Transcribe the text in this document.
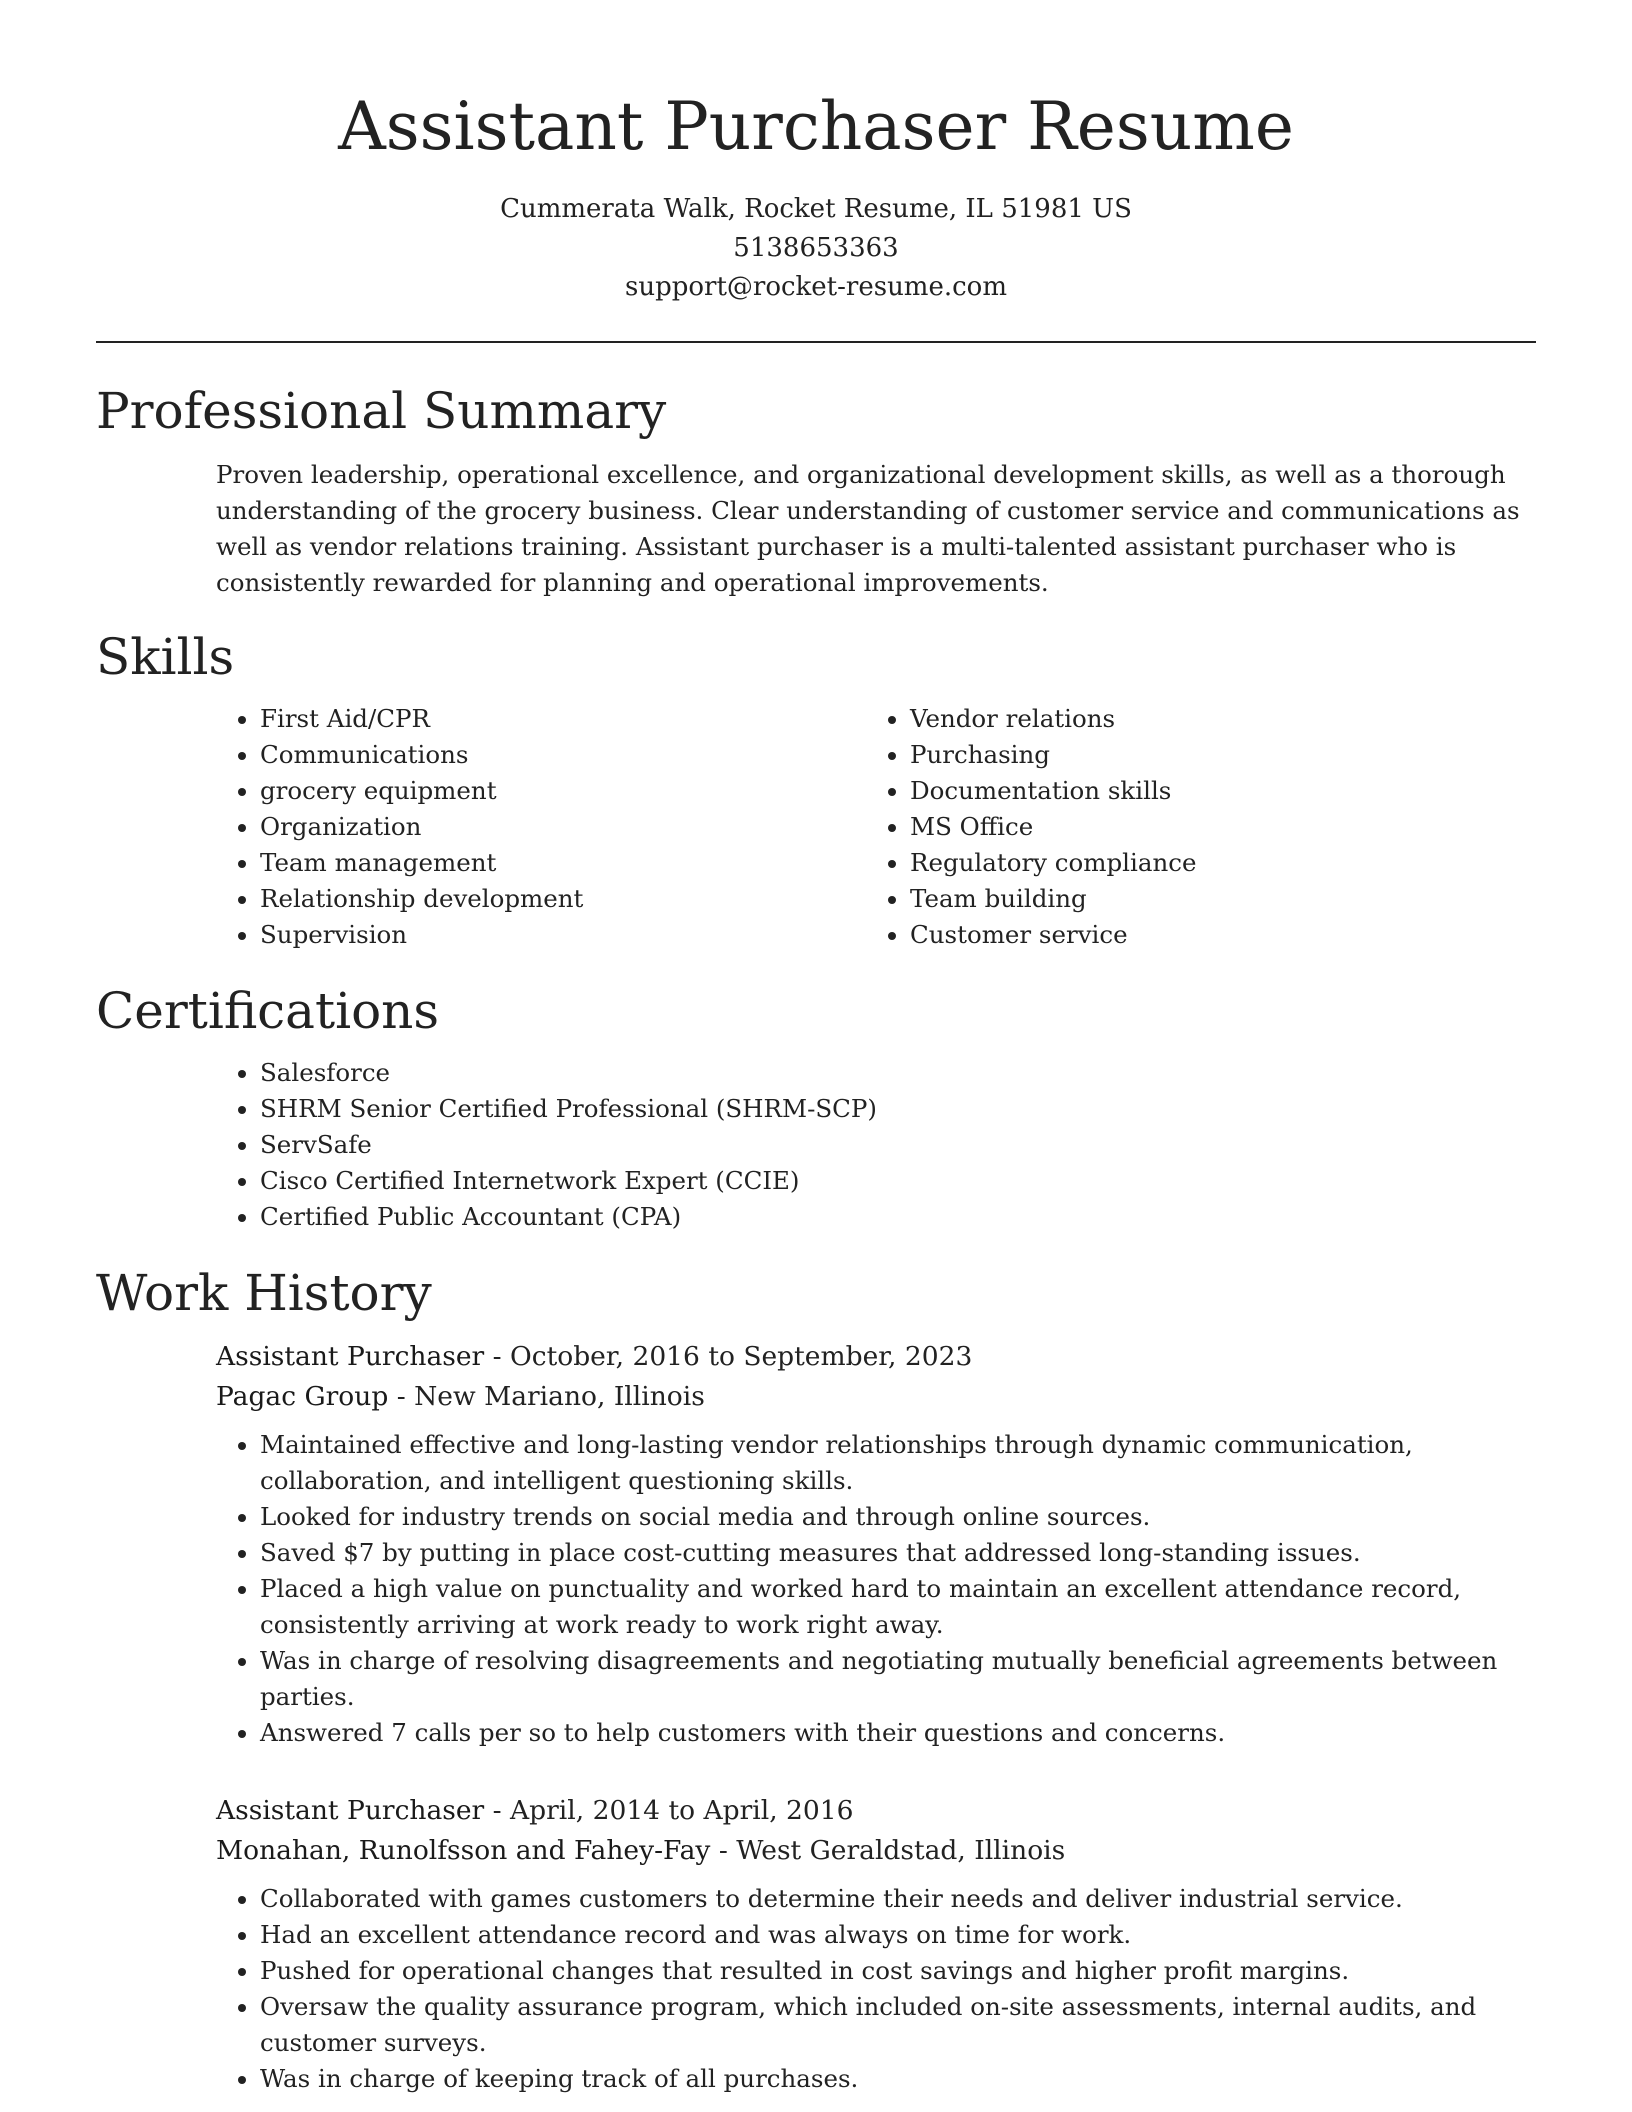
Assistant Purchaser Resume

Cummerata Walk, Rocket Resume, IL 51981 US

5138653363

support@rocket-resume.com

Professional Summary

Proven leadership, operational excellence, and organizational development skills, as well as a thorough understanding of the grocery business. Clear understanding of customer service and communications as well as vendor relations training. Assistant purchaser is a multi-talented assistant purchaser who is consistently rewarded for planning and operational improvements.

Skills
• First Aid/CPR
• Communications
• grocery equipment
• Organization
• Team management
• Relationship development
• Supervision
• Vendor relations
• Purchasing
• Documentation skills
• MS Office
• Regulatory compliance
• Team building
• Customer service
Certifications
• Salesforce
• SHRM Senior Certified Professional (SHRM-SCP)
• ServSafe
• Cisco Certified Internetwork Expert (CCIE)
• Certified Public Accountant (CPA)
Work History

Assistant Purchaser - October, 2016 to September, 2023

Pagac Group - New Mariano, Illinois

• Maintained effective and long-lasting vendor relationships through dynamic communication, collaboration, and intelligent questioning skills.
• Looked for industry trends on social media and through online sources.
• Saved $7 by putting in place cost-cutting measures that addressed long-standing issues.
• Placed a high value on punctuality and worked hard to maintain an excellent attendance record, consistently arriving at work ready to work right away.
• Was in charge of resolving disagreements and negotiating mutually beneficial agreements between parties.
• Answered 7 calls per so to help customers with their questions and concerns.

Assistant Purchaser - April, 2014 to April, 2016

Monahan, Runolfsson and Fahey-Fay - West Geraldstad, Illinois

• Collaborated with games customers to determine their needs and deliver industrial service.
• Had an excellent attendance record and was always on time for work.
• Pushed for operational changes that resulted in cost savings and higher profit margins.
• Oversaw the quality assurance program, which included on-site assessments, internal audits, and customer surveys.
• Was in charge of keeping track of all purchases.
